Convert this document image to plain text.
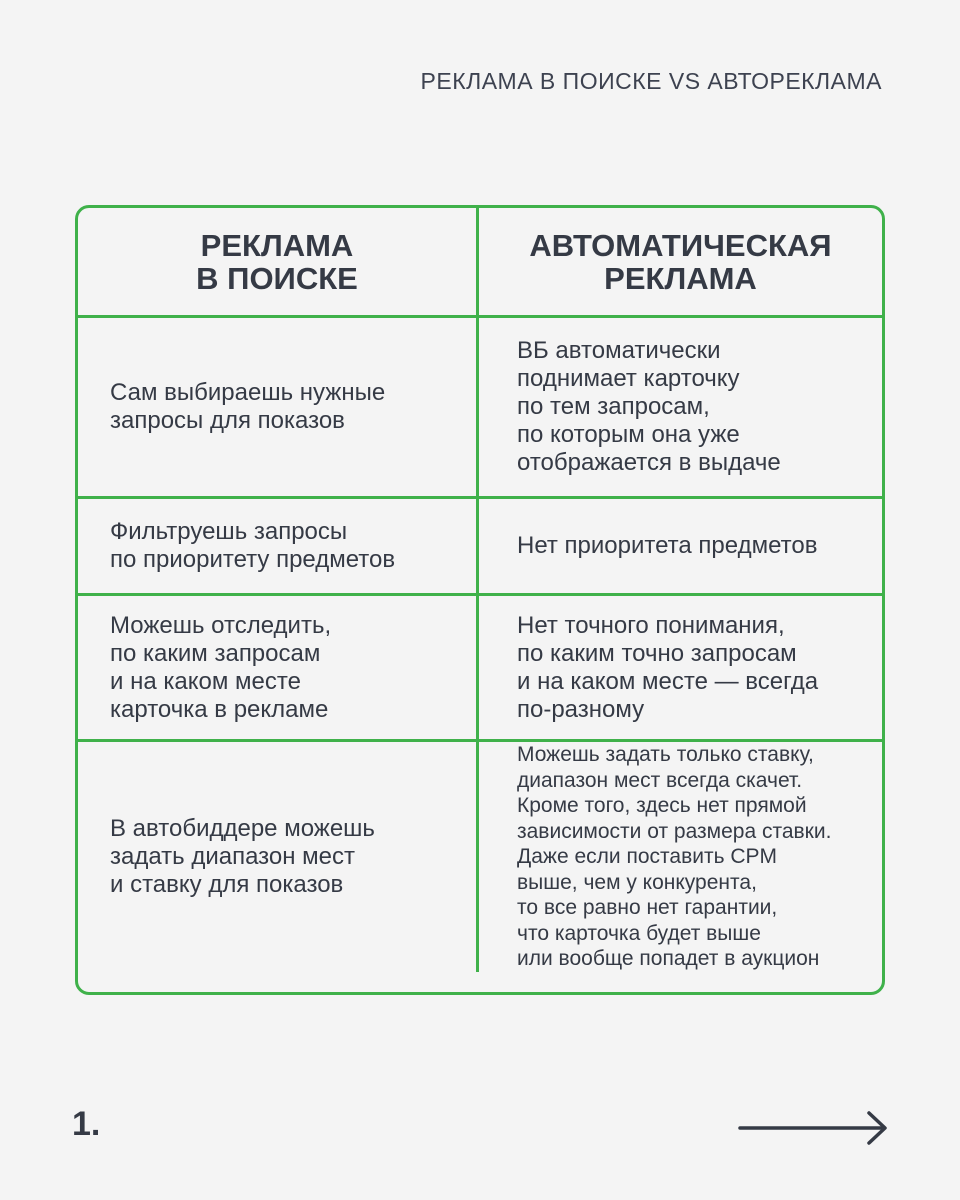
РЕКЛАМА В ПОИСКЕ VS АВТОРЕКЛАМА
РЕКЛАМА
В ПОИСКЕ
АВТОМАТИЧЕСКАЯ
РЕКЛАМА
Сам выбираешь нужные
запросы для показов
ВБ автоматически
поднимает карточку
по тем запросам,
по которым она уже
отображается в выдаче
Фильтруешь запросы
по приоритету предметов
Нет приоритета предметов
Можешь отследить,
по каким запросам
и на каком месте
карточка в рекламе
Нет точного понимания,
по каким точно запросам
и на каком месте — всегда
по-разному
В автобиддере можешь
задать диапазон мест
и ставку для показов
Можешь задать только ставку,
диапазон мест всегда скачет.
Кроме того, здесь нет прямой
зависимости от размера ставки.
Даже если поставить CPM
выше, чем у конкурента,
то все равно нет гарантии,
что карточка будет выше
или вообще попадет в аукцион
1.
